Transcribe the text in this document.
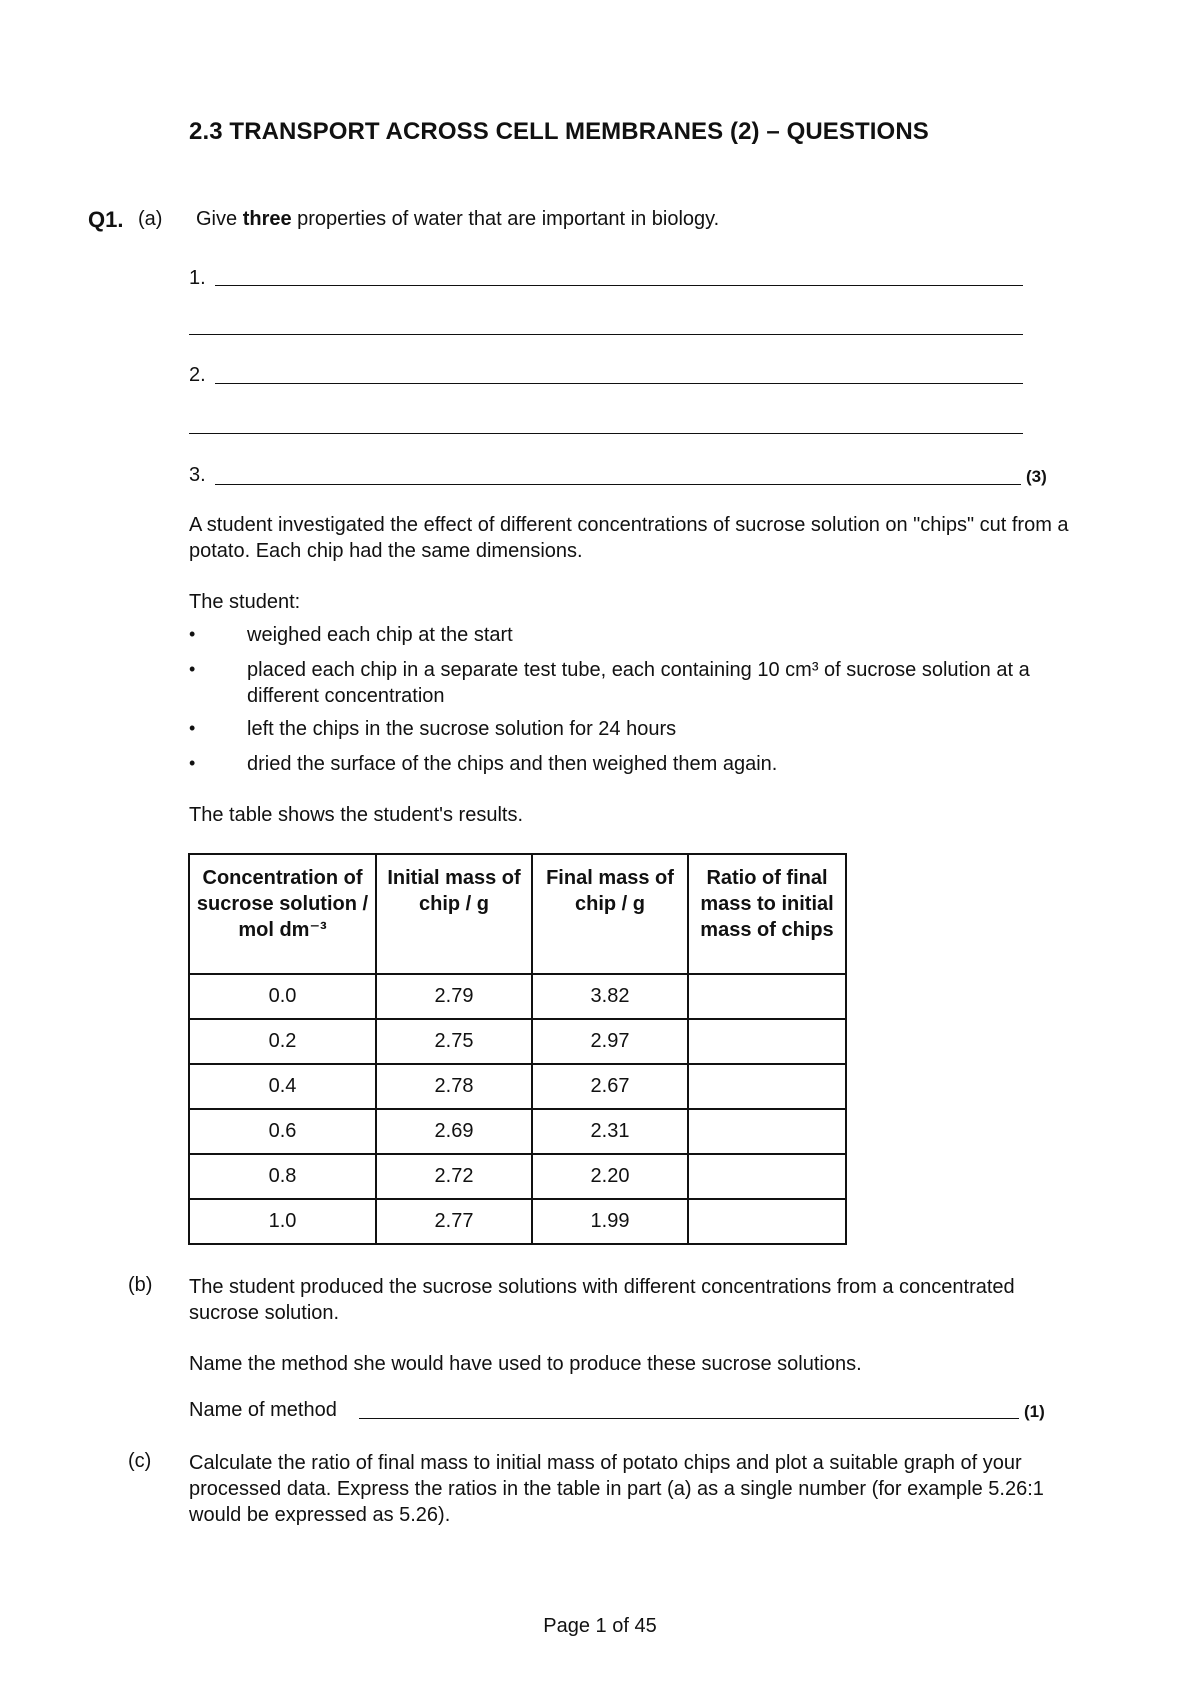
2.3 TRANSPORT ACROSS CELL MEMBRANES (2) – QUESTIONS
Q1. (a) Give three properties of water that are important in biology.
1.
2.
3.	(3)
A student investigated the effect of different concentrations of sucrose solution on "chips" cut from a potato. Each chip had the same dimensions.
The student:
•	weighed each chip at the start
•	placed each chip in a separate test tube, each containing 10 cm³ of sucrose solution at a different concentration
•	left the chips in the sucrose solution for 24 hours
•	dried the surface of the chips and then weighed them again.
The table shows the student's results.
Concentration of sucrose solution / mol dm⁻³	Initial mass of chip / g	Final mass of chip / g	Ratio of final mass to initial mass of chips
0.0	2.79	3.82	
0.2	2.75	2.97	
0.4	2.78	2.67	
0.6	2.69	2.31	
0.8	2.72	2.20	
1.0	2.77	1.99	
(b) The student produced the sucrose solutions with different concentrations from a concentrated sucrose solution.
Name the method she would have used to produce these sucrose solutions.
Name of method	(1)
(c) Calculate the ratio of final mass to initial mass of potato chips and plot a suitable graph of your processed data. Express the ratios in the table in part (a) as a single number (for example 5.26:1 would be expressed as 5.26).
Page 1 of 45
